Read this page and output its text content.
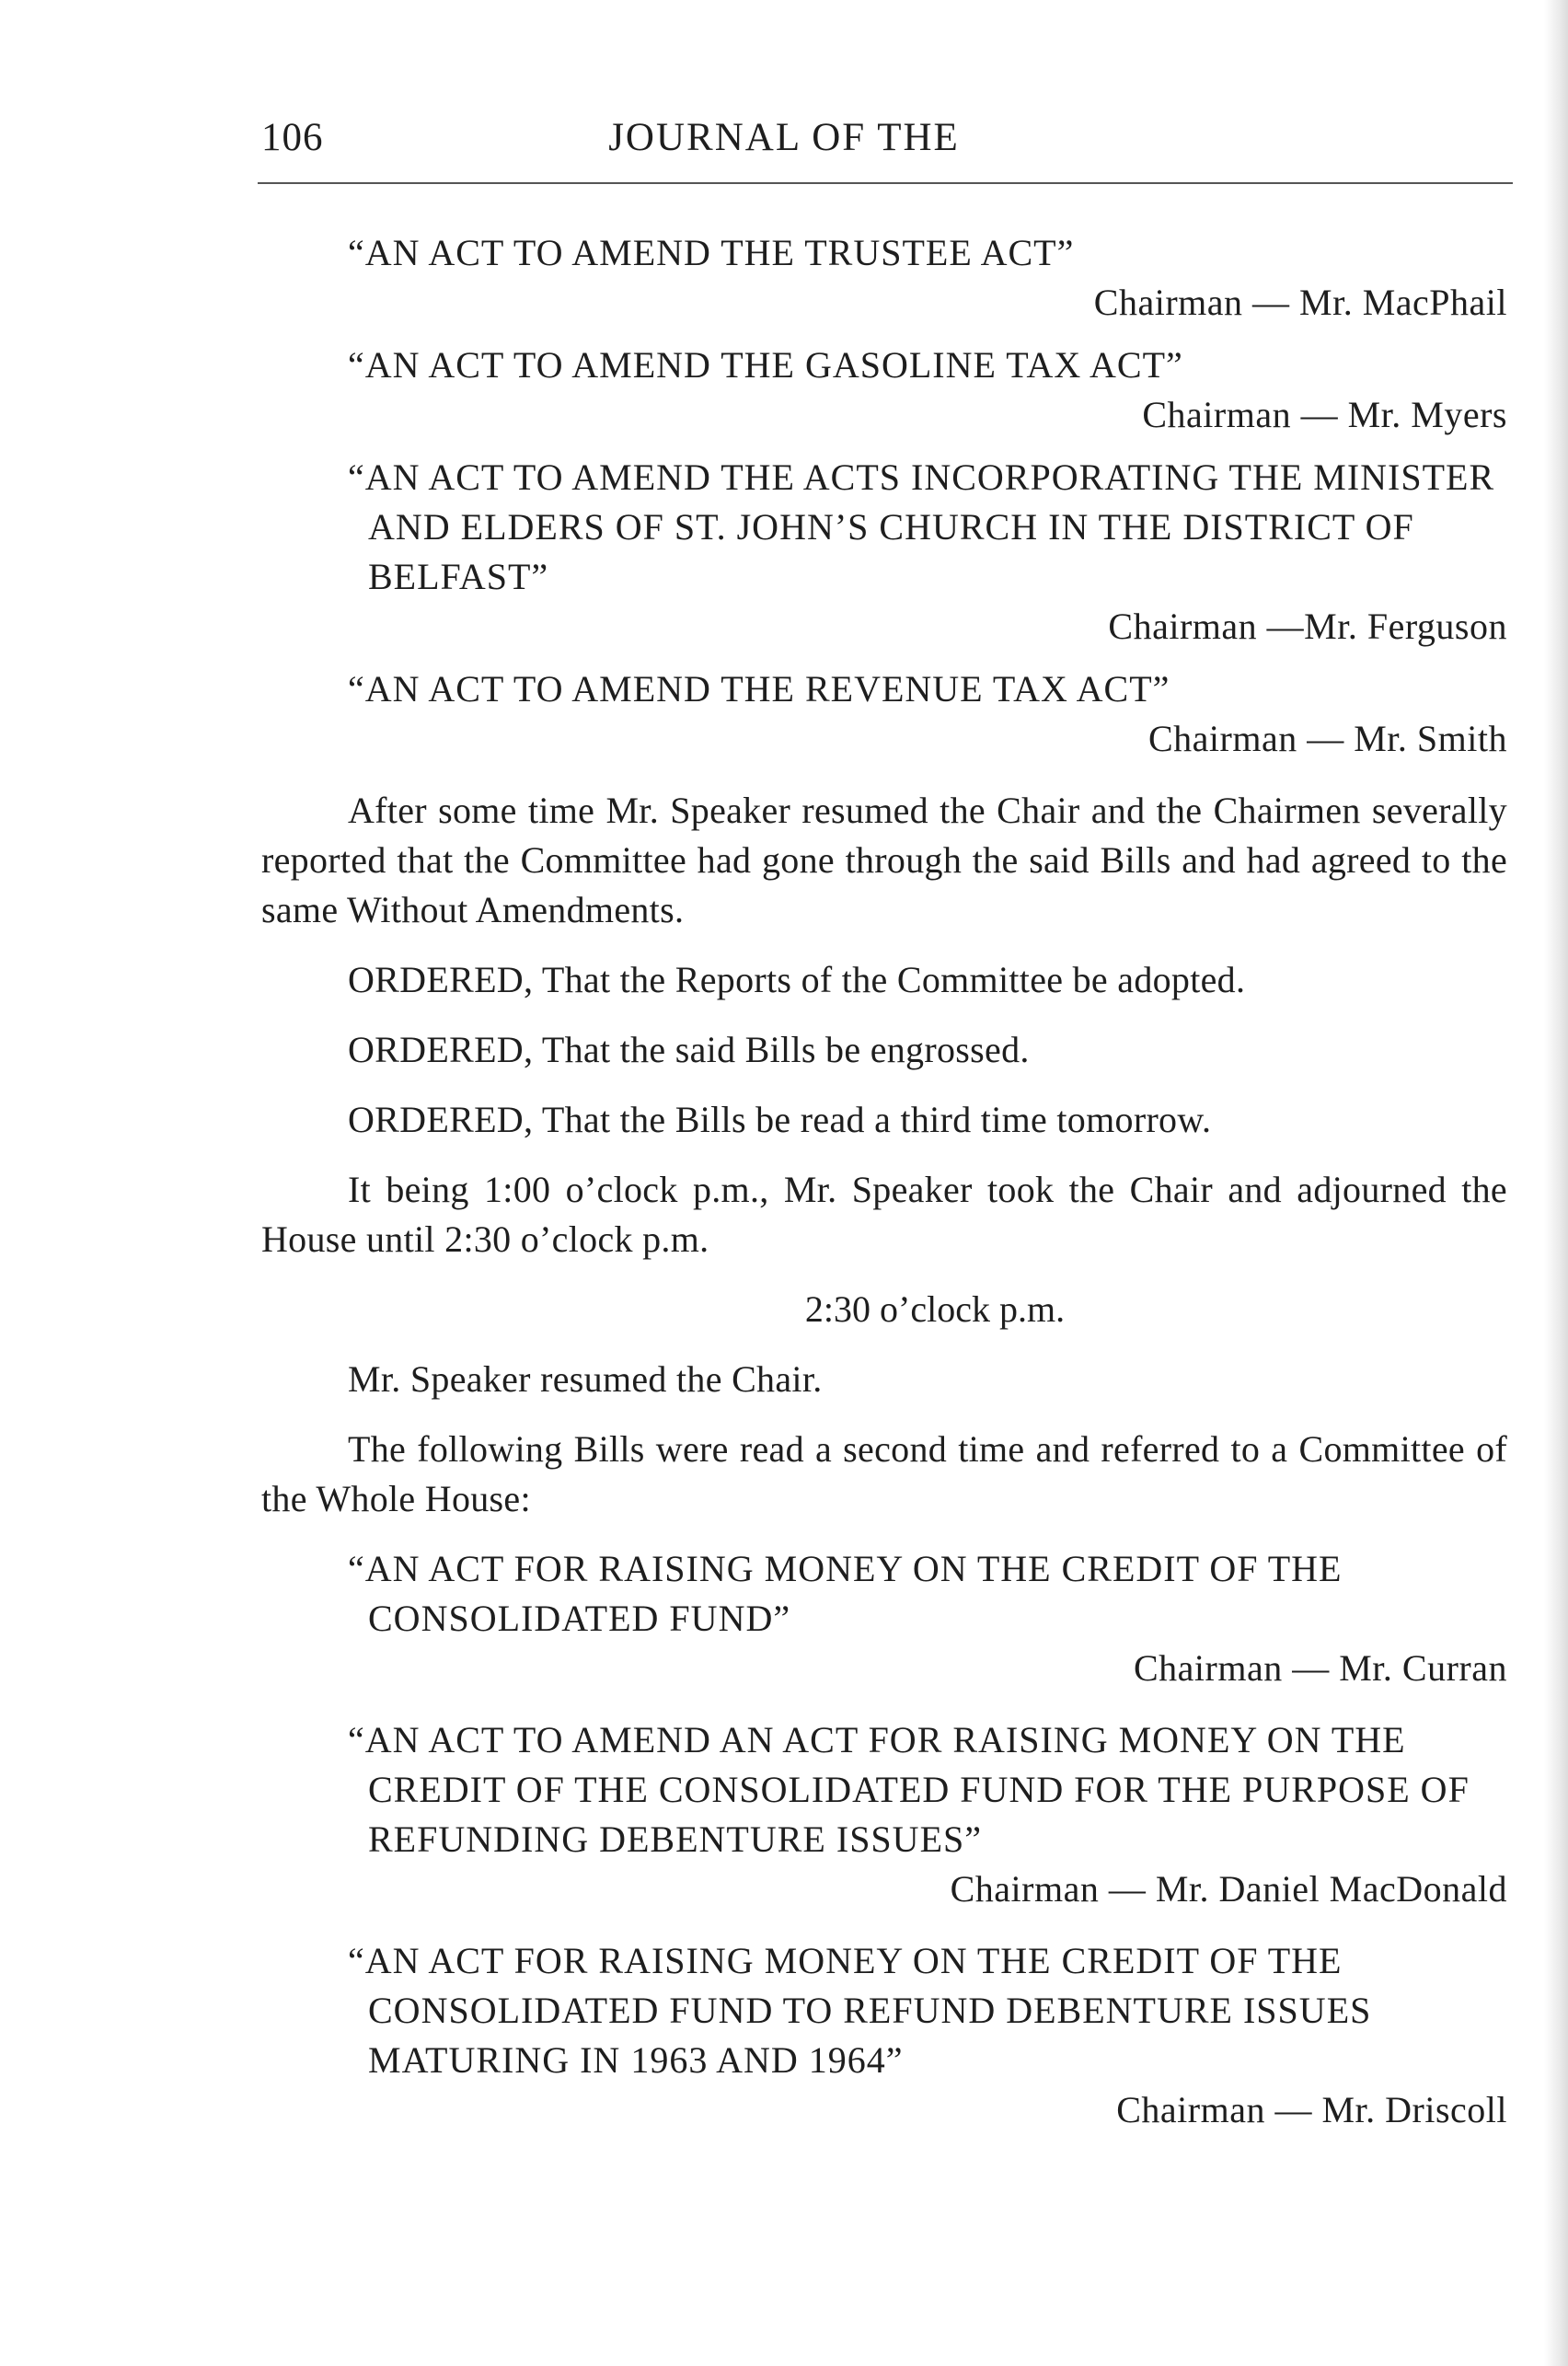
106	JOURNAL OF THE
“AN ACT TO AMEND THE TRUSTEE ACT”
Chairman — Mr. MacPhail
“AN ACT TO AMEND THE GASOLINE TAX ACT”
Chairman — Mr. Myers
“AN ACT TO AMEND THE ACTS INCORPORATING THE MINISTER AND ELDERS OF ST. JOHN’S CHURCH IN THE DISTRICT OF BELFAST”
Chairman —Mr. Ferguson
“AN ACT TO AMEND THE REVENUE TAX ACT”
Chairman — Mr. Smith

After some time Mr. Speaker resumed the Chair and the Chairmen severally reported that the Committee had gone through the said Bills and had agreed to the same Without Amendments.

ORDERED, That the Reports of the Committee be adopted.

ORDERED, That the said Bills be engrossed.

ORDERED, That the Bills be read a third time tomorrow.

It being 1:00 o’clock p.m., Mr. Speaker took the Chair and adjourned the House until 2:30 o’clock p.m.

2:30 o’clock p.m.

Mr. Speaker resumed the Chair.

The following Bills were read a second time and referred to a Committee of the Whole House:

“AN ACT FOR RAISING MONEY ON THE CREDIT OF THE CONSOLIDATED FUND”
Chairman — Mr. Curran
“AN ACT TO AMEND AN ACT FOR RAISING MONEY ON THE CREDIT OF THE CONSOLIDATED FUND FOR THE PURPOSE OF REFUNDING DEBENTURE ISSUES”
Chairman — Mr. Daniel MacDonald
“AN ACT FOR RAISING MONEY ON THE CREDIT OF THE CONSOLIDATED FUND TO REFUND DEBENTURE ISSUES MATURING IN 1963 AND 1964”
Chairman — Mr. Driscoll
